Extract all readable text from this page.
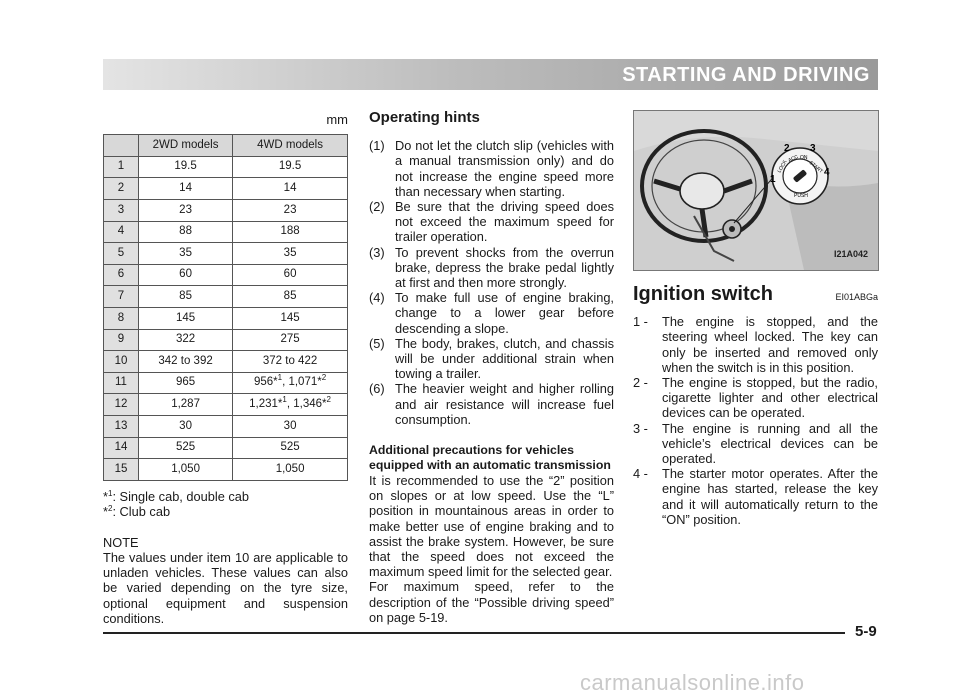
STARTING AND DRIVING
mm
	2WD models	4WD models
1	19.5	19.5
2	14	14
3	23	23
4	88	188
5	35	35
6	60	60
7	85	85
8	145	145
9	322	275
10	342 to 392	372 to 422
11	965	956*$^1$, 1,071*$^2$
12	1,287	1,231*$^1$, 1,346*$^2$
13	30	30
14	525	525
15	1,050	1,050
*$^1$: Single cab, double cab
*$^2$: Club cab
NOTE
The values under item 10 are applicable to unladen vehicles. These values can also be varied depending on the tyre size, optional equipment and suspension conditions.
Operating hints
(1) Do not let the clutch slip (vehicles with a manual transmission only) and do not increase the engine speed more than necessary when starting.
(2) Be sure that the driving speed does not exceed the maximum speed for trailer operation.
(3) To prevent shocks from the overrun brake, depress the brake pedal lightly at first and then more strongly.
(4) To make full use of engine braking, change to a lower gear before descending a slope.
(5) The body, brakes, clutch, and chassis will be under additional strain when towing a trailer.
(6) The heavier weight and higher rolling and air resistance will increase fuel consumption.
Additional precautions for vehicles equipped with an automatic transmission
It is recommended to use the “2” position on slopes or at low speed. Use the “L” position in mountainous areas in order to make better use of engine braking and to assist the brake system. However, be sure that the speed does not exceed the maximum speed limit for the selected gear.
For maximum speed, refer to the description of the “Possible driving speed” on page 5-19.
LOCK
ACC ON
START
PUSH
1
2 3
4
I21A042
Ignition switch	EI01ABGa
1 -	The engine is stopped, and the steering wheel locked. The key can only be inserted and removed only when the switch is in this position.
2 -	The engine is stopped, but the radio, cigarette lighter and other electrical devices can be operated.
3 -	The engine is running and all the vehicle’s electrical devices can be operated.
4 -	The starter motor operates. After the engine has started, release the key and it will automatically return to the “ON” position.
5-9
carmanualsonline.info
